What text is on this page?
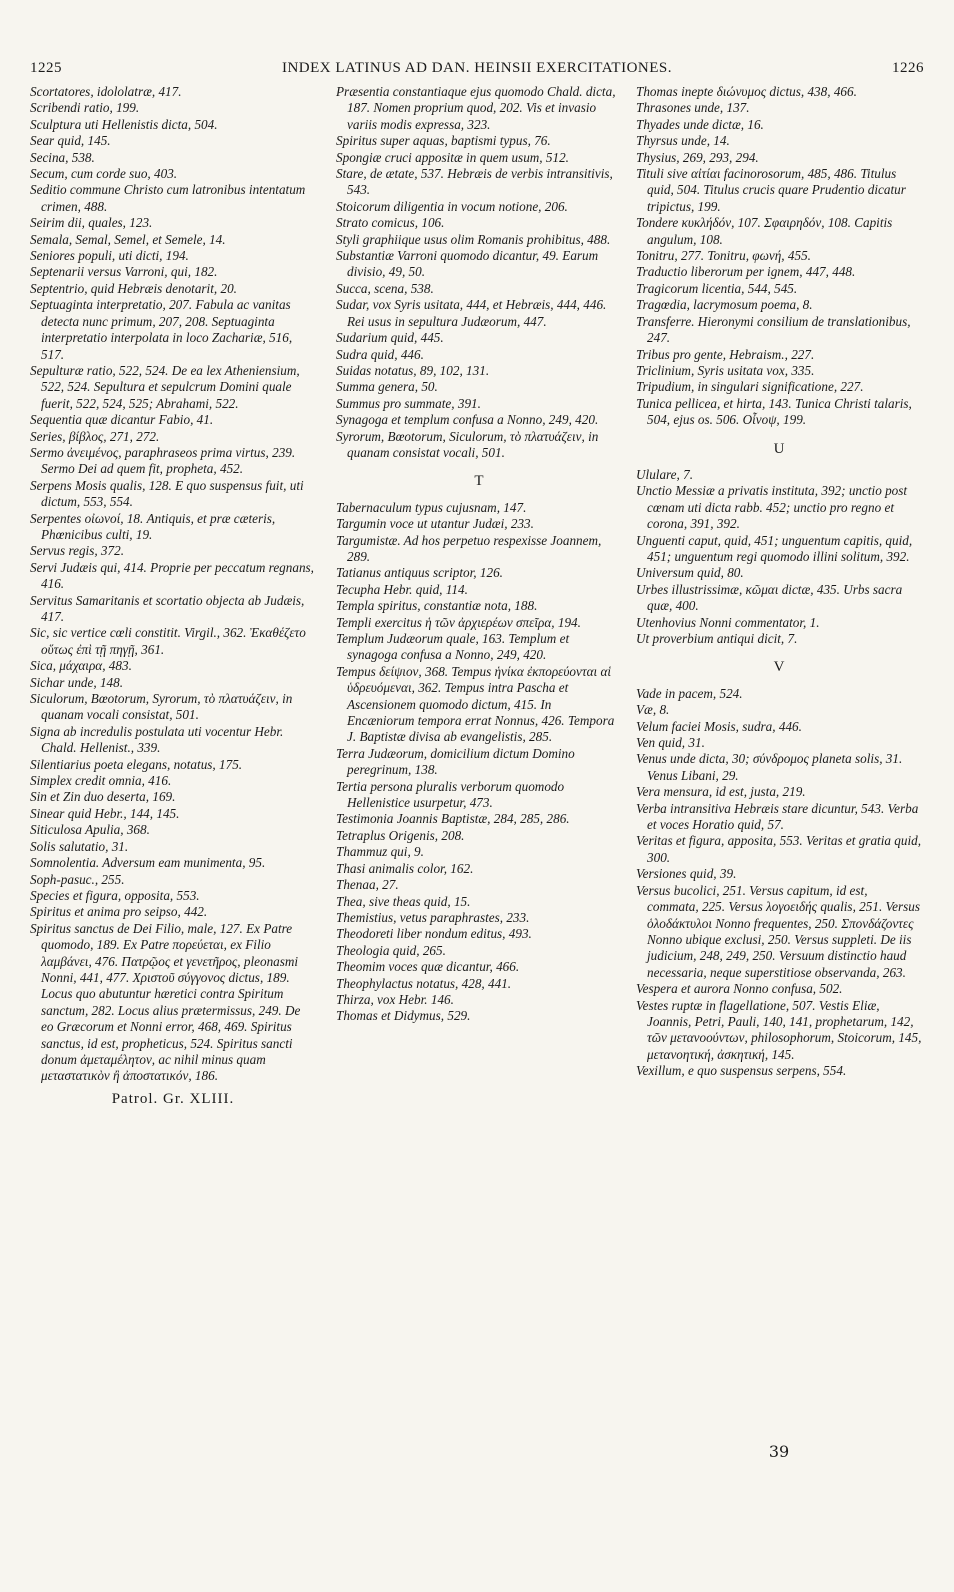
1225	INDEX LATINUS AD DAN. HEINSII EXERCITATIONES.	1226

Scortatores, idololatræ, 417.

Scribendi ratio, 199.

Sculptura uti Hellenistis dicta, 504.

Sear quid, 145.

Secina, 538.

Secum, cum corde suo, 403.

Seditio commune Christo cum latronibus intentatum crimen, 488.

Seirim dii, quales, 123.

Semala, Semal, Semel, et Semele, 14.

Seniores populi, uti dicti, 194.

Septenarii versus Varroni, qui, 182.

Septentrio, quid Hebræis denotarit, 20.

Septuaginta interpretatio, 207. Fabula ac vanitas detecta nunc primum, 207, 208. Septuaginta interpretatio interpolata in loco Zachariæ, 516, 517.

Sepulturæ ratio, 522, 524. De ea lex Atheniensium, 522, 524. Sepultura et sepulcrum Domini quale fuerit, 522, 524, 525; Abrahami, 522.

Sequentia quæ dicantur Fabio, 41.

Series, βίβλος, 271, 272.

Sermo ἀνειμένος, paraphraseos prima virtus, 239. Sermo Dei ad quem fit, propheta, 452.

Serpens Mosis qualis, 128. E quo suspensus fuit, uti dictum, 553, 554.

Serpentes οἰωνοί, 18. Antiquis, et præ cæteris, Phœnicibus culti, 19.

Servus regis, 372.

Servi Judæis qui, 414. Proprie per peccatum regnans, 416.

Servitus Samaritanis et scortatio objecta ab Judæis, 417.

Sic, sic vertice cœli constitit. Virgil., 362. Ἐκαθέζετο οὕτως ἐπὶ τῇ πηγῇ, 361.

Sica, μάχαιρα, 483.

Sichar unde, 148.

Siculorum, Bœotorum, Syrorum, τὸ πλατυάζειν, in quanam vocali consistat, 501.

Signa ab incredulis postulata uti vocentur Hebr. Chald. Hellenist., 339.

Silentiarius poeta elegans, notatus, 175.

Simplex credit omnia, 416.

Sin et Zin duo deserta, 169.

Sinear quid Hebr., 144, 145.

Siticulosa Apulia, 368.

Solis salutatio, 31.

Somnolentia. Adversum eam munimenta, 95.

Soph-pasuc., 255.

Species et figura, opposita, 553.

Spiritus et anima pro seipso, 442.

Spiritus sanctus de Dei Filio, male, 127. Ex Patre quomodo, 189. Ex Patre πορεύεται, ex Filio λαμβάνει, 476. Πατρῷος et γενετῆρος, pleonasmi Nonni, 441, 477. Χριστοῦ σύγγονος dictus, 189. Locus quo abutuntur hæretici contra Spiritum sanctum, 282. Locus alius prætermissus, 249. De eo Græcorum et Nonni error, 468, 469. Spiritus sanctus, id est, propheticus, 524. Spiritus sancti donum ἀμεταμέλητον, ac nihil minus quam μεταστατικὸν ἢ ἀποστατικόν, 186.

Patrol. Gr. XLIII.

Præsentia constantiaque ejus quomodo Chald. dicta, 187. Nomen proprium quod, 202. Vis et invasio variis modis expressa, 323.

Spiritus super aquas, baptismi typus, 76.

Spongiæ cruci appositæ in quem usum, 512.

Stare, de ætate, 537. Hebræis de verbis intransitivis, 543.

Stoicorum diligentia in vocum notione, 206.

Strato comicus, 106.

Styli graphiique usus olim Romanis prohibitus, 488.

Substantiæ Varroni quomodo dicantur, 49. Earum divisio, 49, 50.

Succa, scena, 538.

Sudar, vox Syris usitata, 444, et Hebræis, 444, 446. Rei usus in sepultura Judæorum, 447.

Sudarium quid, 445.

Sudra quid, 446.

Suidas notatus, 89, 102, 131.

Summa genera, 50.

Summus pro summate, 391.

Synagoga et templum confusa a Nonno, 249, 420.

Syrorum, Bœotorum, Siculorum, τὸ πλατυάζειν, in quanam consistat vocali, 501.

T

Tabernaculum typus cujusnam, 147.

Targumin voce ut utantur Judæi, 233.

Targumistæ. Ad hos perpetuo respexisse Joannem, 289.

Tatianus antiquus scriptor, 126.

Tecupha Hebr. quid, 114.

Templa spiritus, constantiæ nota, 188.

Templi exercitus ἡ τῶν ἀρχιερέων σπεῖρα, 194.

Templum Judæorum quale, 163. Templum et synagoga confusa a Nonno, 249, 420.

Tempus δείψιον, 368. Tempus ἡνίκα ἐκπορεύονται αἱ ὑδρευόμεναι, 362. Tempus intra Pascha et Ascensionem quomodo dictum, 415. In Encæniorum tempora errat Nonnus, 426. Tempora J. Baptistæ divisa ab evangelistis, 285.

Terra Judæorum, domicilium dictum Domino peregrinum, 138.

Tertia persona pluralis verborum quomodo Hellenisticе usurpetur, 473.

Testimonia Joannis Baptistæ, 284, 285, 286.

Tetraplus Origenis, 208.

Thammuz qui, 9.

Thasi animalis color, 162.

Thenaa, 27.

Thea, sive theas quid, 15.

Themistius, vetus paraphrastes, 233.

Theodoreti liber nondum editus, 493.

Theologia quid, 265.

Theomim voces quæ dicantur, 466.

Theophylactus notatus, 428, 441.

Thirza, vox Hebr. 146.

Thomas et Didymus, 529.

Thomas inepte διώνυμος dictus, 438, 466.

Thrasones unde, 137.

Thyades unde dictæ, 16.

Thyrsus unde, 14.

Thysius, 269, 293, 294.

Tituli sive αἰτίαι facinorosorum, 485, 486. Titulus quid, 504. Titulus crucis quare Prudentio dicatur tripictus, 199.

Tondere κυκλήδόν, 107. Σφαιρηδόν, 108. Capitis angulum, 108.

Tonitru, 277. Tonitru, φωνή, 455.

Traductio liberorum per ignem, 447, 448.

Tragicorum licentia, 544, 545.

Tragœdia, lacrymosum poema, 8.

Transferre. Hieronymi consilium de translationibus, 247.

Tribus pro gente, Hebraism., 227.

Triclinium, Syris usitata vox, 335.

Tripudium, in singulari significatione, 227.

Tunica pellicea, et hirta, 143. Tunica Christi talaris, 504, ejus os. 506. Οἶνοψ, 199.

U

Ululare, 7.

Unctio Messiæ a privatis instituta, 392; unctio post cœnam uti dicta rabb. 452; unctio pro regno et corona, 391, 392.

Unguenti caput, quid, 451; unguentum capitis, quid, 451; unguentum regi quomodo illini solitum, 392.

Universum quid, 80.

Urbes illustrissimæ, κῶμαι dictæ, 435. Urbs sacra quæ, 400.

Utenhovius Nonni commentator, 1.

Ut proverbium antiqui dicit, 7.

V

Vade in pacem, 524.

Væ, 8.

Velum faciei Mosis, sudra, 446.

Ven quid, 31.

Venus unde dicta, 30; σύνδρομος planeta solis, 31. Venus Libani, 29.

Vera mensura, id est, justa, 219.

Verba intransitiva Hebræis stare dicuntur, 543. Verba et voces Horatio quid, 57.

Veritas et figura, apposita, 553. Veritas et gratia quid, 300.

Versiones quid, 39.

Versus bucolici, 251. Versus capitum, id est, commata, 225. Versus λογοειδής qualis, 251. Versus ὁλοδάκτυλοι Nonno frequentes, 250. Σπονδάζοντες Nonno ubique exclusi, 250. Versus suppleti. De iis judicium, 248, 249, 250. Versuum distinctio haud necessaria, neque superstitiose observanda, 263.

Vespera et aurora Nonno confusa, 502.

Vestes ruptæ in flagellatione, 507. Vestis Eliæ, Joannis, Petri, Pauli, 140, 141, prophetarum, 142, τῶν μετανοούντων, philosophorum, Stoicorum, 145, μετανοητική, ἀσκητική, 145.

Vexillum, e quo suspensus serpens, 554.

39
